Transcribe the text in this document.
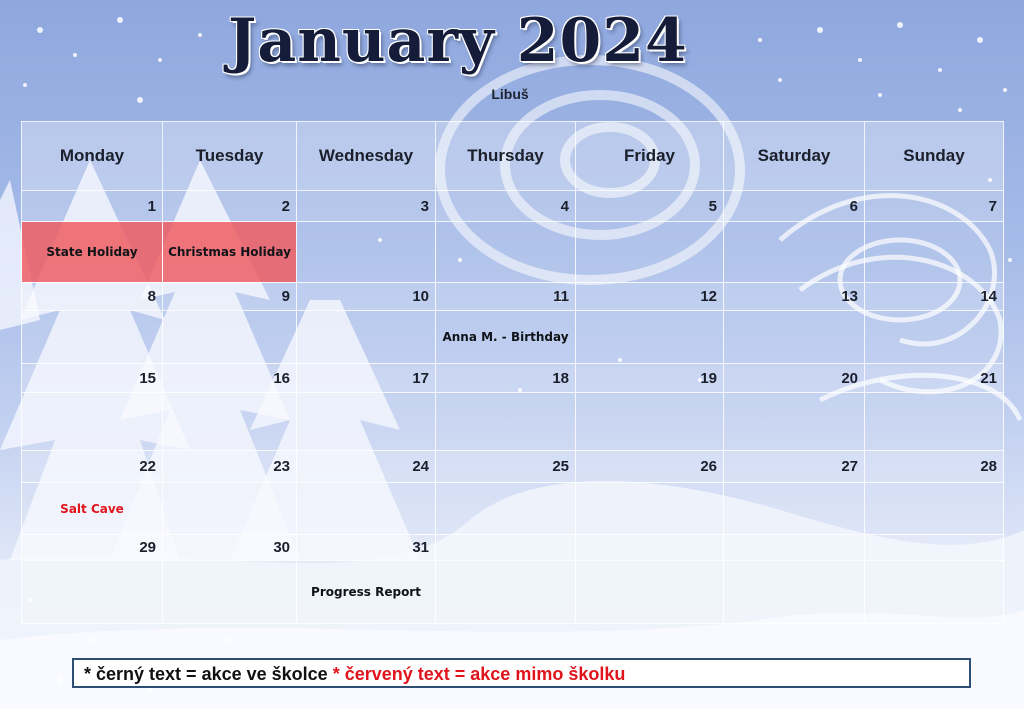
January 2024
Libuš
Monday	Tuesday	Wednesday	Thursday	Friday	Saturday	Sunday
1	2	3	4	5	6	7
State Holiday	Christmas Holiday					
8	9	10	11	12	13	14
			Anna M. - Birthday			
15	16	17	18	19	20	21

22	23	24	25	26	27	28
Salt Cave						
29	30	31				
		Progress Report				
* černý text = akce ve školce * červený text = akce mimo školku
